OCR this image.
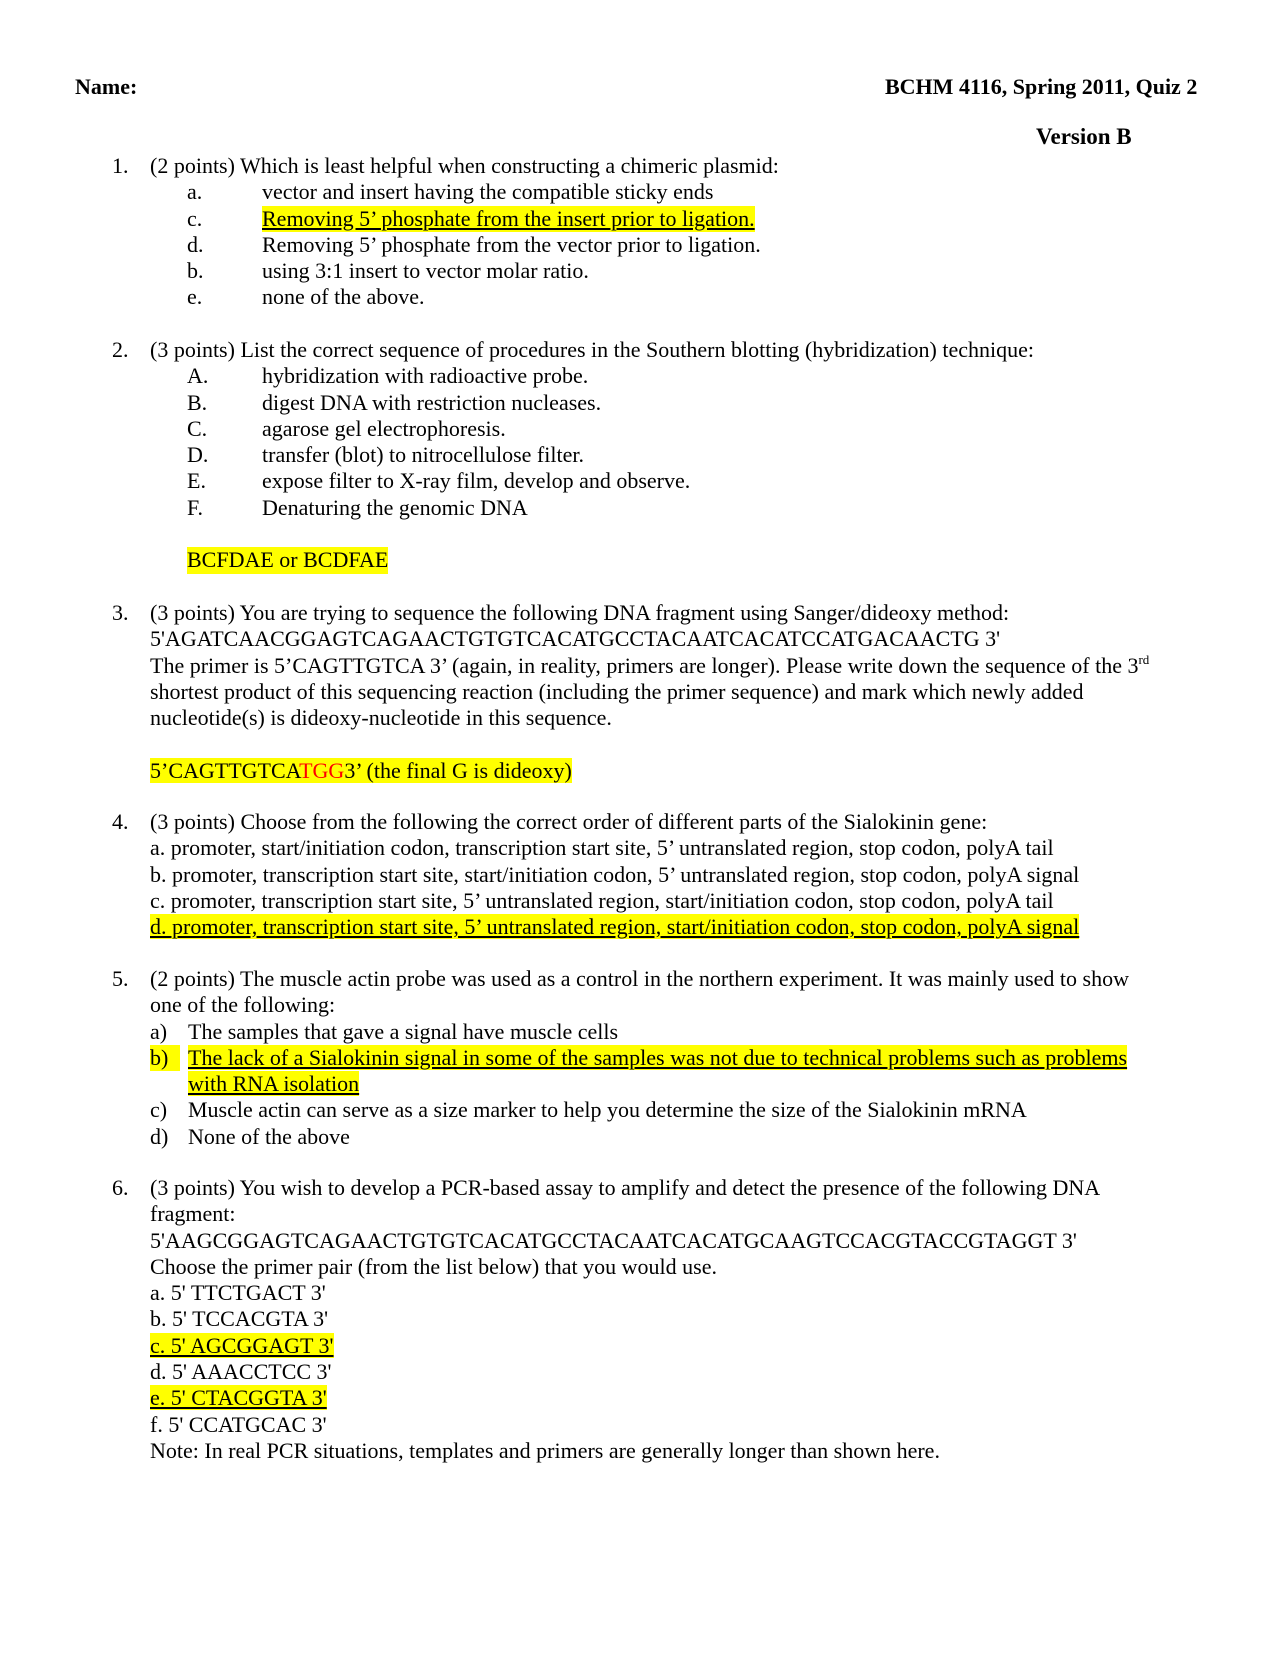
Name:	BCHM 4116, Spring 2011, Quiz 2
Version B
1. (2 points) Which is least helpful when constructing a chimeric plasmid:
a.	vector and insert having the compatible sticky ends
c.	Removing 5’ phosphate from the insert prior to ligation.
d.	Removing 5’ phosphate from the vector prior to ligation.
b.	using 3:1 insert to vector molar ratio.
e.	none of the above.
2. (3 points) List the correct sequence of procedures in the Southern blotting (hybridization) technique:
A. hybridization with radioactive probe.
B. digest DNA with restriction nucleases.
C. agarose gel electrophoresis.
D. transfer (blot) to nitrocellulose filter.
E.	expose filter to X-ray film, develop and observe.
F.	Denaturing the genomic DNA
BCFDAE or BCDFAE
3. (3 points) You are trying to sequence the following DNA fragment using Sanger/dideoxy method:
5'AGATCAACGGAGTCAGAACTGTGTCACATGCCTACAATCACATCCATGACAACTG 3'
The primer is 5’CAGTTGTCA 3’ (again, in reality, primers are longer). Please write down the sequence of the 3rd
shortest product of this sequencing reaction (including the primer sequence) and mark which newly added
nucleotide(s) is dideoxy-nucleotide in this sequence.
5’CAGTTGTCATGG3’ (the final G is dideoxy)
4. (3 points) Choose from the following the correct order of different parts of the Sialokinin gene:
a. promoter, start/initiation codon, transcription start site, 5’ untranslated region, stop codon, polyA tail
b. promoter, transcription start site, start/initiation codon, 5’ untranslated region, stop codon, polyA signal
c. promoter, transcription start site, 5’ untranslated region, start/initiation codon, stop codon, polyA tail
d. promoter, transcription start site, 5’ untranslated region, start/initiation codon, stop codon, polyA signal
5. (2 points) The muscle actin probe was used as a control in the northern experiment. It was mainly used to show
one of the following:
a) The samples that gave a signal have muscle cells
b) The lack of a Sialokinin signal in some of the samples was not due to technical problems such as problems
with RNA isolation
c) Muscle actin can serve as a size marker to help you determine the size of the Sialokinin mRNA
d) None of the above
6. (3 points) You wish to develop a PCR-based assay to amplify and detect the presence of the following DNA
fragment:
5'AAGCGGAGTCAGAACTGTGTCACATGCCTACAATCACATGCAAGTCCACGTACCGTAGGT 3'
Choose the primer pair (from the list below) that you would use.
a. 5' TTCTGACT 3'
b. 5' TCCACGTA 3'
c. 5' AGCGGAGT 3'
d. 5' AAACCTCC 3'
e. 5' CTACGGTA 3'
f. 5' CCATGCAC 3'
Note: In real PCR situations, templates and primers are generally longer than shown here.
